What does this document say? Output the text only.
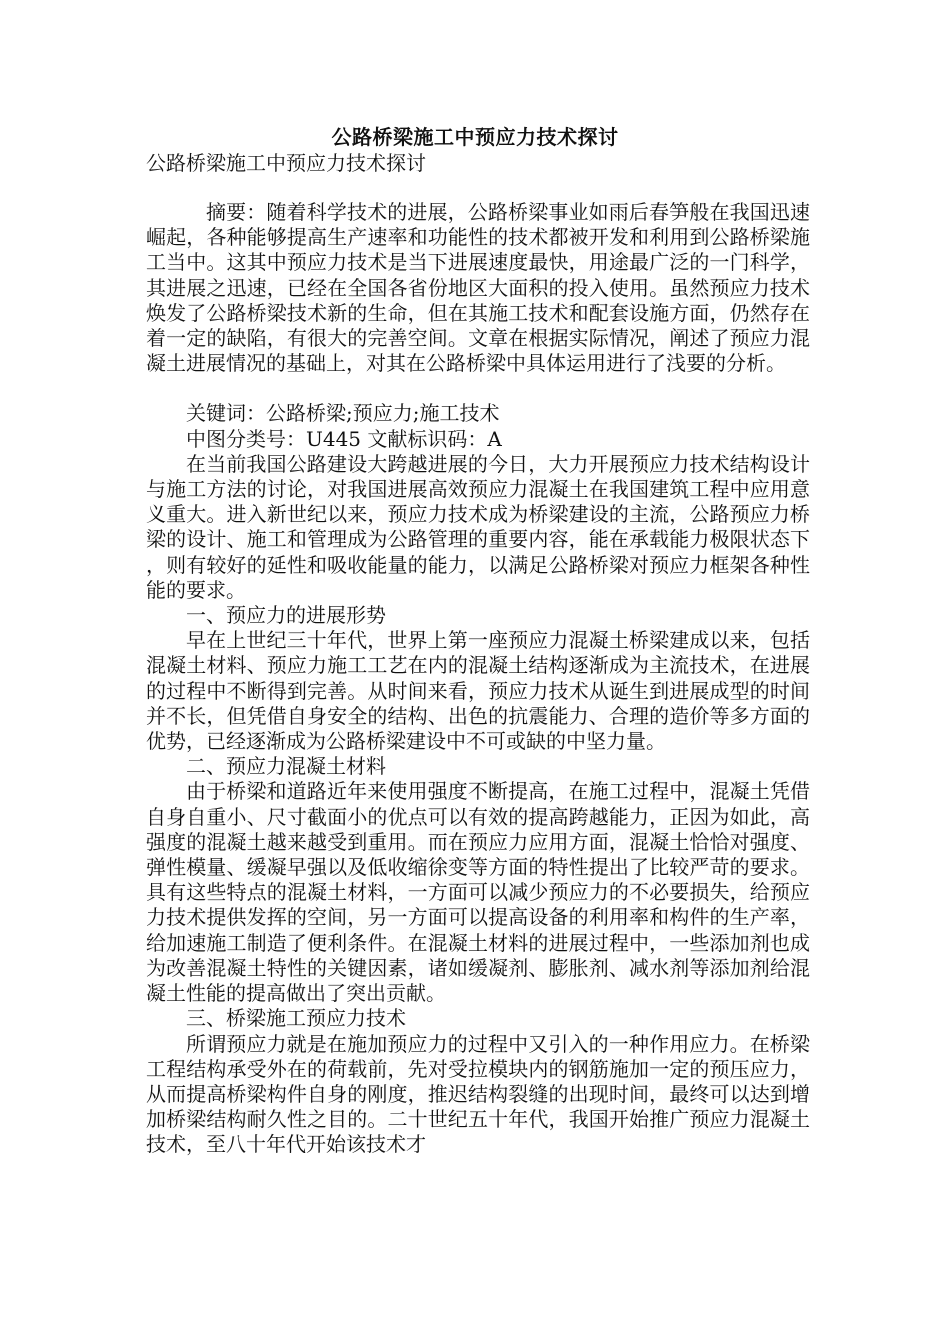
公路桥梁施工中预应力技术探讨
公路桥梁施工中预应力技术探讨

摘要：随着科学技术的进展，公路桥梁事业如雨后春笋般在我国迅速崛起，各种能够提高生产速率和功能性的技术都被开发和利用到公路桥梁施工当中。这其中预应力技术是当下进展速度最快，用途最广泛的一门科学，其进展之迅速，已经在全国各省份地区大面积的投入使用。虽然预应力技术焕发了公路桥梁技术新的生命，但在其施工技术和配套设施方面，仍然存在着一定的缺陷，有很大的完善空间。文章在根据实际情况，阐述了预应力混凝土进展情况的基础上，对其在公路桥梁中具体运用进行了浅要的分析。

关键词：公路桥梁;预应力;施工技术

中图分类号：U445 文献标识码：A

在当前我国公路建设大跨越进展的今日，大力开展预应力技术结构设计与施工方法的讨论，对我国进展高效预应力混凝土在我国建筑工程中应用意义重大。进入新世纪以来，预应力技术成为桥梁建设的主流，公路预应力桥梁的设计、施工和管理成为公路管理的重要内容，能在承载能力极限状态下，则有较好的延性和吸收能量的能力，以满足公路桥梁对预应力框架各种性能的要求。

一、预应力的进展形势

早在上世纪三十年代，世界上第一座预应力混凝土桥梁建成以来，包括混凝土材料、预应力施工工艺在内的混凝土结构逐渐成为主流技术，在进展的过程中不断得到完善。从时间来看，预应力技术从诞生到进展成型的时间并不长，但凭借自身安全的结构、出色的抗震能力、合理的造价等多方面的优势，已经逐渐成为公路桥梁建设中不可或缺的中坚力量。

二、预应力混凝土材料

由于桥梁和道路近年来使用强度不断提高，在施工过程中，混凝土凭借自身自重小、尺寸截面小的优点可以有效的提高跨越能力，正因为如此，高强度的混凝土越来越受到重用。而在预应力应用方面，混凝土恰恰对强度、弹性模量、缓凝早强以及低收缩徐变等方面的特性提出了比较严苛的要求。具有这些特点的混凝土材料，一方面可以减少预应力的不必要损失，给预应力技术提供发挥的空间，另一方面可以提高设备的利用率和构件的生产率，给加速施工制造了便利条件。在混凝土材料的进展过程中，一些添加剂也成为改善混凝土特性的关键因素，诸如缓凝剂、膨胀剂、减水剂等添加剂给混凝土性能的提高做出了突出贡献。

三、桥梁施工预应力技术

所谓预应力就是在施加预应力的过程中又引入的一种作用应力。在桥梁工程结构承受外在的荷载前，先对受拉模块内的钢筋施加一定的预压应力，从而提高桥梁构件自身的刚度，推迟结构裂缝的出现时间，最终可以达到增加桥梁结构耐久性之目的。二十世纪五十年代，我国开始推广预应力混凝土技术，至八十年代开始该技术才
